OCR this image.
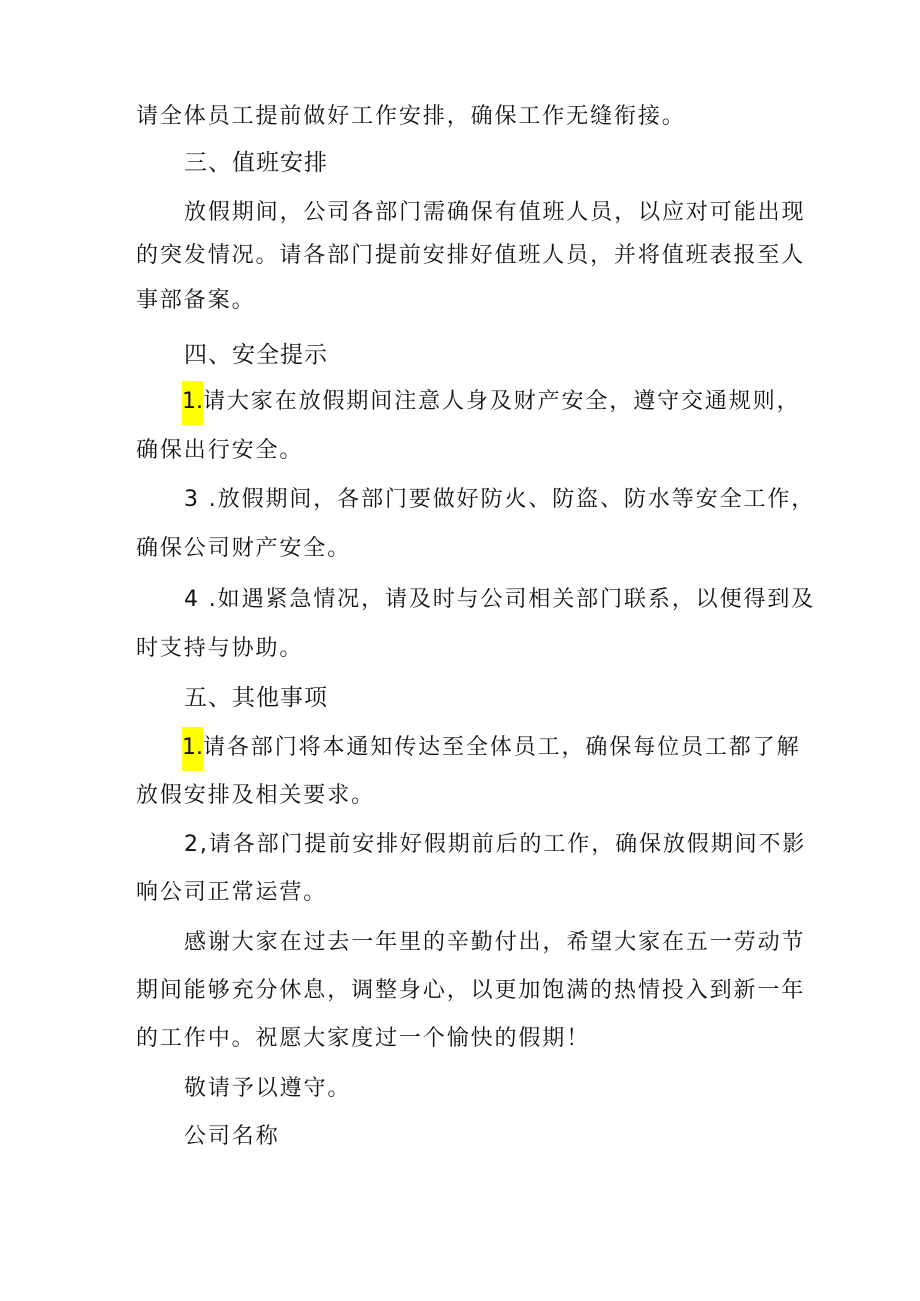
请全体员工提前做好工作安排，确保工作无缝衔接。
三、值班安排
放假期间，公司各部门需确保有值班人员，以应对可能出现
的突发情况。请各部门提前安排好值班人员，并将值班表报至人
事部备案。
四、安全提示
1.请大家在放假期间注意人身及财产安全，遵守交通规则，
确保出行安全。
3 .放假期间，各部门要做好防火、防盗、防水等安全工作，
确保公司财产安全。
4 .如遇紧急情况，请及时与公司相关部门联系，以便得到及
时支持与协助。
五、其他事项
1.请各部门将本通知传达至全体员工，确保每位员工都了解
放假安排及相关要求。
2,请各部门提前安排好假期前后的工作，确保放假期间不影
响公司正常运营。
感谢大家在过去一年里的辛勤付出，希望大家在五一劳动节
期间能够充分休息，调整身心，以更加饱满的热情投入到新一年
的工作中。祝愿大家度过一个愉快的假期！
敬请予以遵守。
公司名称
